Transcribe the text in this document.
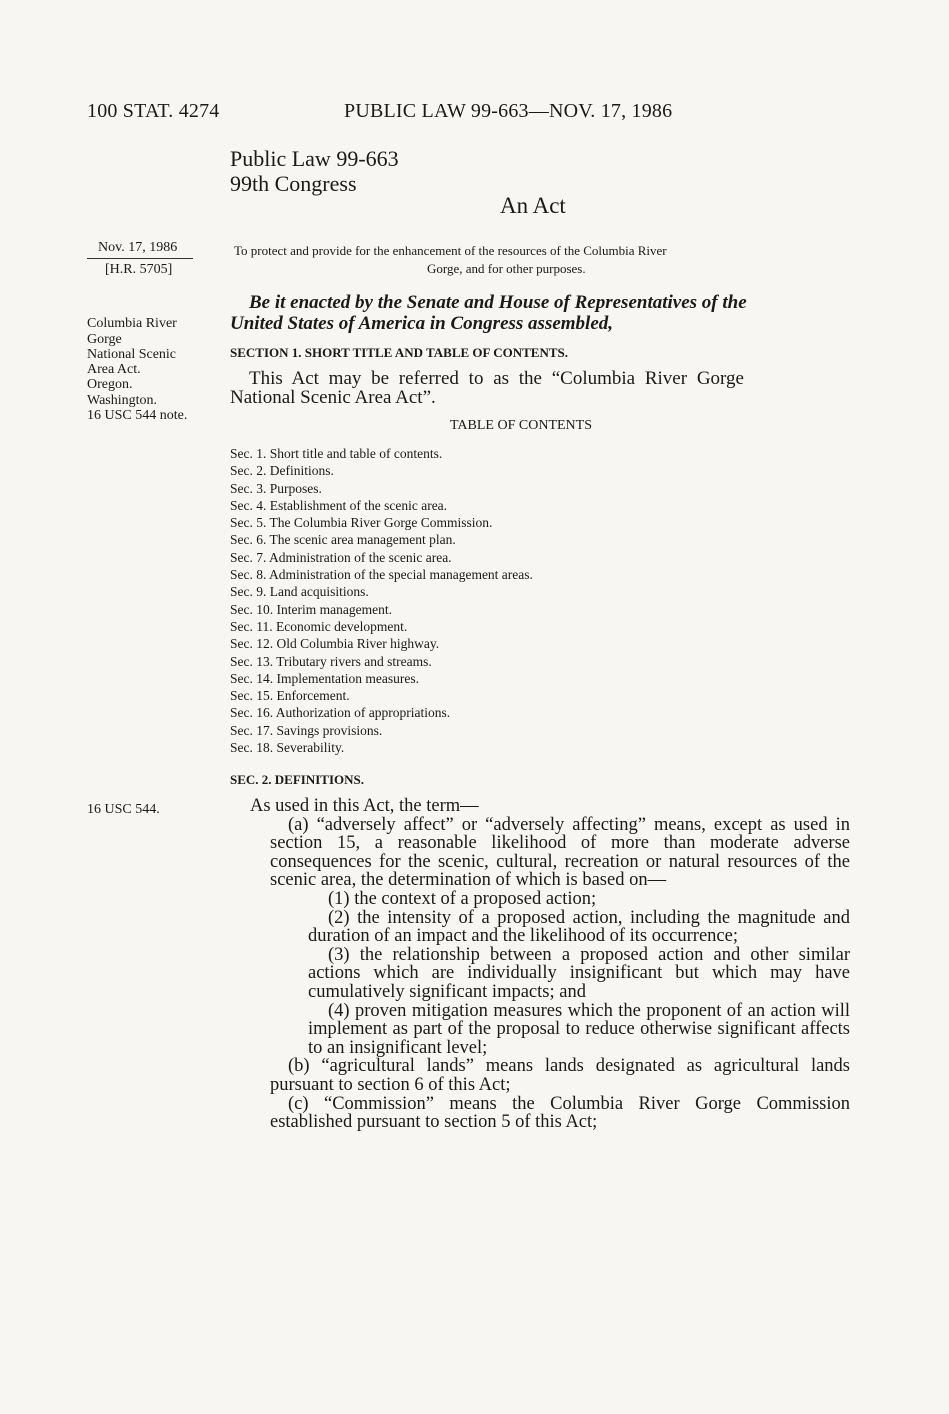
100 STAT. 4274	PUBLIC LAW 99-663—NOV. 17, 1986
Public Law 99-663
99th Congress
An Act
Nov. 17, 1986
[H.R. 5705]
To protect and provide for the enhancement of the resources of the Columbia River
Gorge, and for other purposes.
Columbia River
Gorge
National Scenic
Area Act.
Oregon.
Washington.
16 USC 544 note.
Be it enacted by the Senate and House of Representatives of the
United States of America in Congress assembled,
SECTION 1. SHORT TITLE AND TABLE OF CONTENTS.
This Act may be referred to as the “Columbia River Gorge
National Scenic Area Act”.
TABLE OF CONTENTS
Sec. 1. Short title and table of contents.
Sec. 2. Definitions.
Sec. 3. Purposes.
Sec. 4. Establishment of the scenic area.
Sec. 5. The Columbia River Gorge Commission.
Sec. 6. The scenic area management plan.
Sec. 7. Administration of the scenic area.
Sec. 8. Administration of the special management areas.
Sec. 9. Land acquisitions.
Sec. 10. Interim management.
Sec. 11. Economic development.
Sec. 12. Old Columbia River highway.
Sec. 13. Tributary rivers and streams.
Sec. 14. Implementation measures.
Sec. 15. Enforcement.
Sec. 16. Authorization of appropriations.
Sec. 17. Savings provisions.
Sec. 18. Severability.
SEC. 2. DEFINITIONS.
16 USC 544.	As used in this Act, the term—

(a) “adversely affect” or “adversely affecting” means, except as used in section 15, a reasonable likelihood of more than moderate adverse consequences for the scenic, cultural, recreation or natural resources of the scenic area, the determination of which is based on—

(1) the context of a proposed action;

(2) the intensity of a proposed action, including the magnitude and duration of an impact and the likelihood of its occurrence;

(3) the relationship between a proposed action and other similar actions which are individually insignificant but which may have cumulatively significant impacts; and

(4) proven mitigation measures which the proponent of an action will implement as part of the proposal to reduce otherwise significant affects to an insignificant level;

(b) “agricultural lands” means lands designated as agricultural lands pursuant to section 6 of this Act;

(c) “Commission” means the Columbia River Gorge Commission established pursuant to section 5 of this Act;
